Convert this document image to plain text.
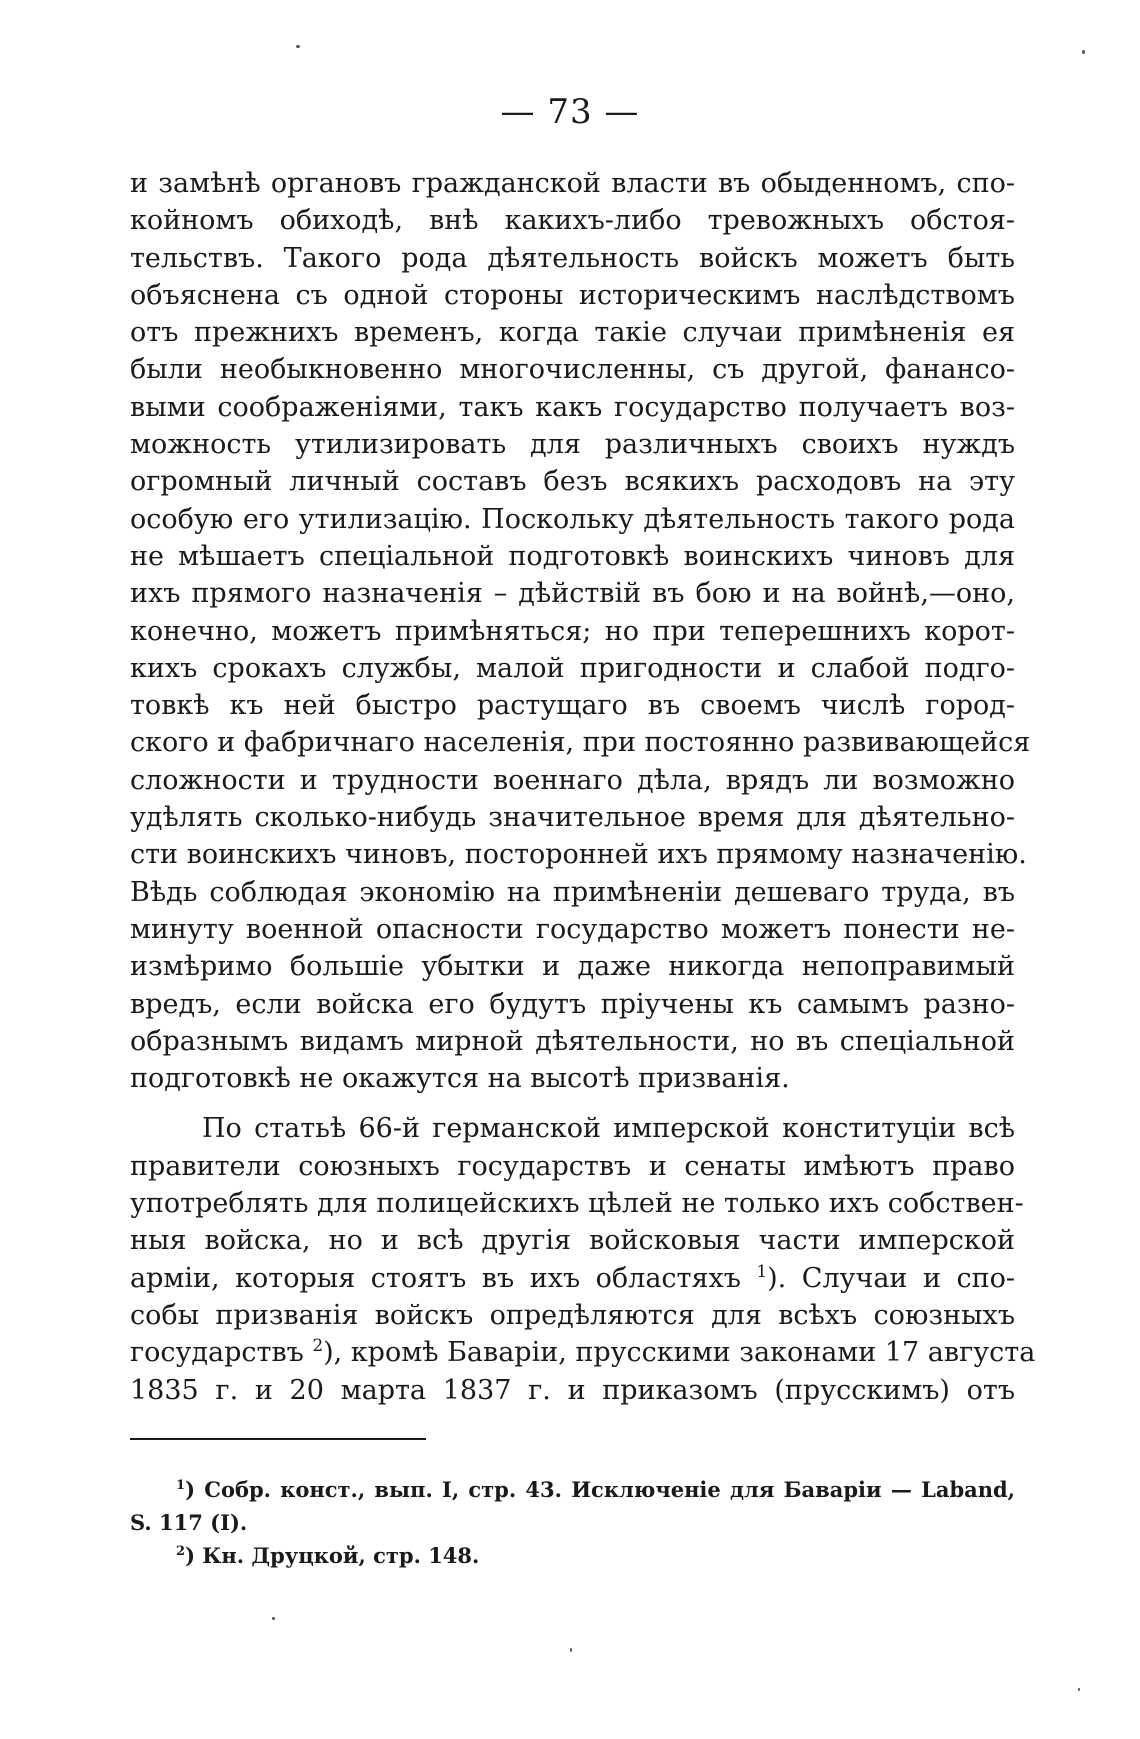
— 73 —
и замѣнѣ органовъ гражданской власти въ обыденномъ, спо-
койномъ обиходѣ, внѣ какихъ-либо тревожныхъ обстоя-
тельствъ. Такого рода дѣятельность войскъ можетъ быть
объяснена съ одной стороны историческимъ наслѣдствомъ
отъ прежнихъ временъ, когда такіе случаи примѣненія ея
были необыкновенно многочисленны, съ другой, фанансо-
выми соображеніями, такъ какъ государство получаетъ воз-
можность утилизировать для различныхъ своихъ нуждъ
огромный личный составъ безъ всякихъ расходовъ на эту
особую его утилизацію. Поскольку дѣятельность такого рода
не мѣшаетъ спеціальной подготовкѣ воинскихъ чиновъ для
ихъ прямого назначенія – дѣйствій въ бою и на войнѣ,—оно,
конечно, можетъ примѣняться; но при теперешнихъ корот-
кихъ срокахъ службы, малой пригодности и слабой подго-
товкѣ къ ней быстро растущаго въ своемъ числѣ город-
ского и фабричнаго населенія, при постоянно развивающейся
сложности и трудности военнаго дѣла, врядъ ли возможно
удѣлять сколько-нибудь значительное время для дѣятельно-
сти воинскихъ чиновъ, посторонней ихъ прямому назначенію.
Вѣдь соблюдая экономію на примѣненіи дешеваго труда, въ
минуту военной опасности государство можетъ понести не-
измѣримо большіе убытки и даже никогда непоправимый
вредъ, если войска его будутъ пріучены къ самымъ разно-
образнымъ видамъ мирной дѣятельности, но въ спеціальной
подготовкѣ не окажутся на высотѣ призванія.
По статьѣ 66-й германской имперской конституціи всѣ
правители союзныхъ государствъ и сенаты имѣютъ право
употреблять для полицейскихъ цѣлей не только ихъ собствен-
ныя войска, но и всѣ другія войсковыя части имперской
арміи, которыя стоятъ въ ихъ областяхъ $^1$). Случаи и спо-
собы призванія войскъ опредѣляются для всѣхъ союзныхъ
государствъ $^2$), кромѣ Баваріи, прусскими законами 17 августа
1835 г. и 20 марта 1837 г. и приказомъ (прусскимъ) отъ
$^1$) Собр. конст., вып. I, стр. 43. Исключеніе для Баваріи — Laband,
S. 117 (I).
$^2$) Кн. Друцкой, стр. 148.
